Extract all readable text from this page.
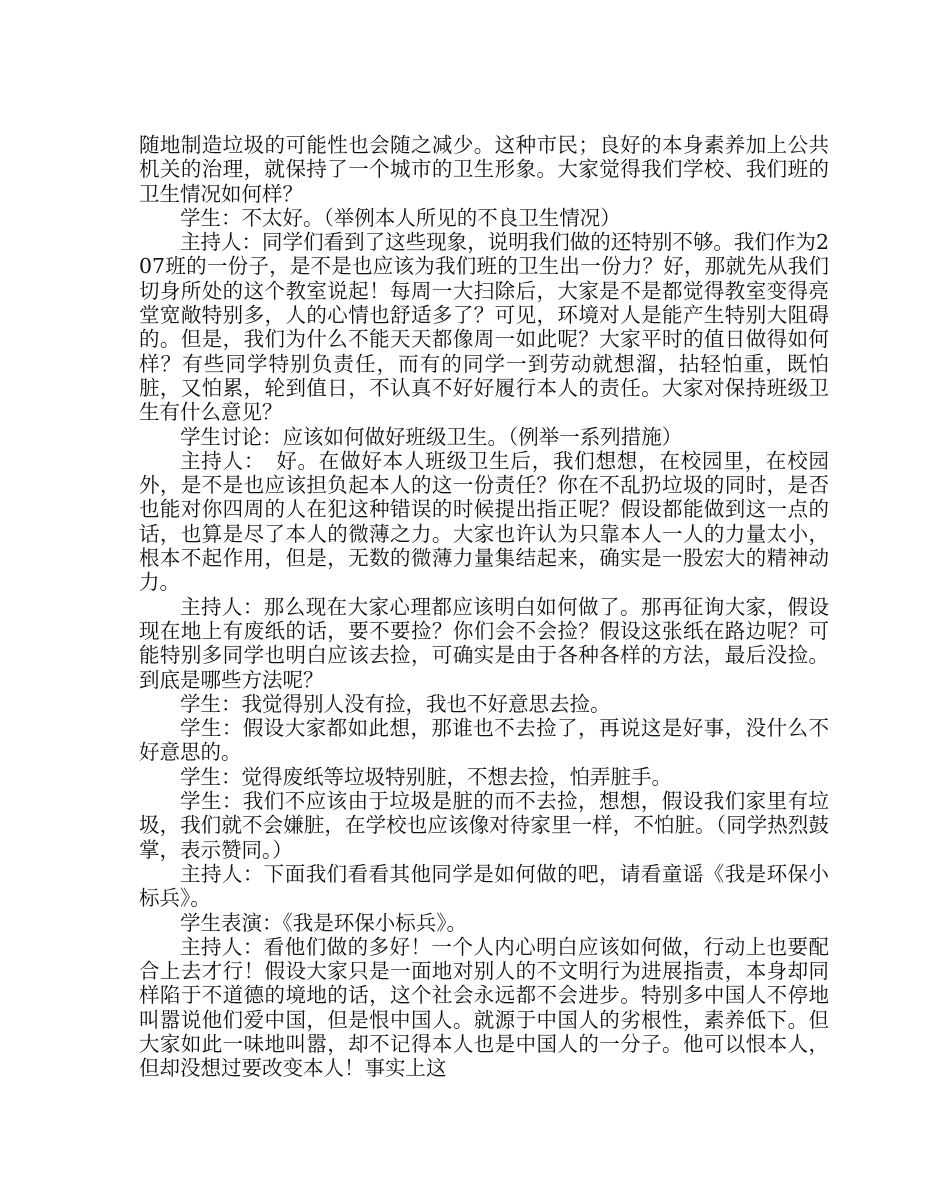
随地制造垃圾的可能性也会随之减少。这种市民；良好的本身素养加上公共机关的治理，就保持了一个城市的卫生形象。大家觉得我们学校、我们班的卫生情况如何样？

学生：不太好。（举例本人所见的不良卫生情况）

主持人：同学们看到了这些现象，说明我们做的还特别不够。我们作为207班的一份子，是不是也应该为我们班的卫生出一份力？好，那就先从我们切身所处的这个教室说起！每周一大扫除后，大家是不是都觉得教室变得亮堂宽敞特别多，人的心情也舒适多了？可见，环境对人是能产生特别大阻碍的。但是，我们为什么不能天天都像周一如此呢？大家平时的值日做得如何样？有些同学特别负责任，而有的同学一到劳动就想溜，拈轻怕重，既怕脏，又怕累，轮到值日，不认真不好好履行本人的责任。大家对保持班级卫生有什么意见？

学生讨论：应该如何做好班级卫生。（例举一系列措施）

主持人：　好。在做好本人班级卫生后，我们想想，在校园里，在校园外，是不是也应该担负起本人的这一份责任？你在不乱扔垃圾的同时，是否也能对你四周的人在犯这种错误的时候提出指正呢？假设都能做到这一点的话，也算是尽了本人的微薄之力。大家也许认为只靠本人一人的力量太小，根本不起作用，但是，无数的微薄力量集结起来，确实是一股宏大的精神动力。

主持人：那么现在大家心理都应该明白如何做了。那再征询大家，假设现在地上有废纸的话，要不要捡？你们会不会捡？假设这张纸在路边呢？可能特别多同学也明白应该去捡，可确实是由于各种各样的方法，最后没捡。到底是哪些方法呢？

学生：我觉得别人没有捡，我也不好意思去捡。

学生：假设大家都如此想，那谁也不去捡了，再说这是好事，没什么不好意思的。

学生：觉得废纸等垃圾特别脏，不想去捡，怕弄脏手。

学生：我们不应该由于垃圾是脏的而不去捡，想想，假设我们家里有垃圾，我们就不会嫌脏，在学校也应该像对待家里一样，不怕脏。（同学热烈鼓掌，表示赞同。）

主持人：下面我们看看其他同学是如何做的吧，请看童谣《我是环保小标兵》。

学生表演：《我是环保小标兵》。

主持人：看他们做的多好！一个人内心明白应该如何做，行动上也要配合上去才行！假设大家只是一面地对别人的不文明行为进展指责，本身却同样陷于不道德的境地的话，这个社会永远都不会进步。特别多中国人不停地叫嚣说他们爱中国，但是恨中国人。就源于中国人的劣根性，素养低下。但大家如此一味地叫嚣，却不记得本人也是中国人的一分子。他可以恨本人，但却没想过要改变本人！事实上这
